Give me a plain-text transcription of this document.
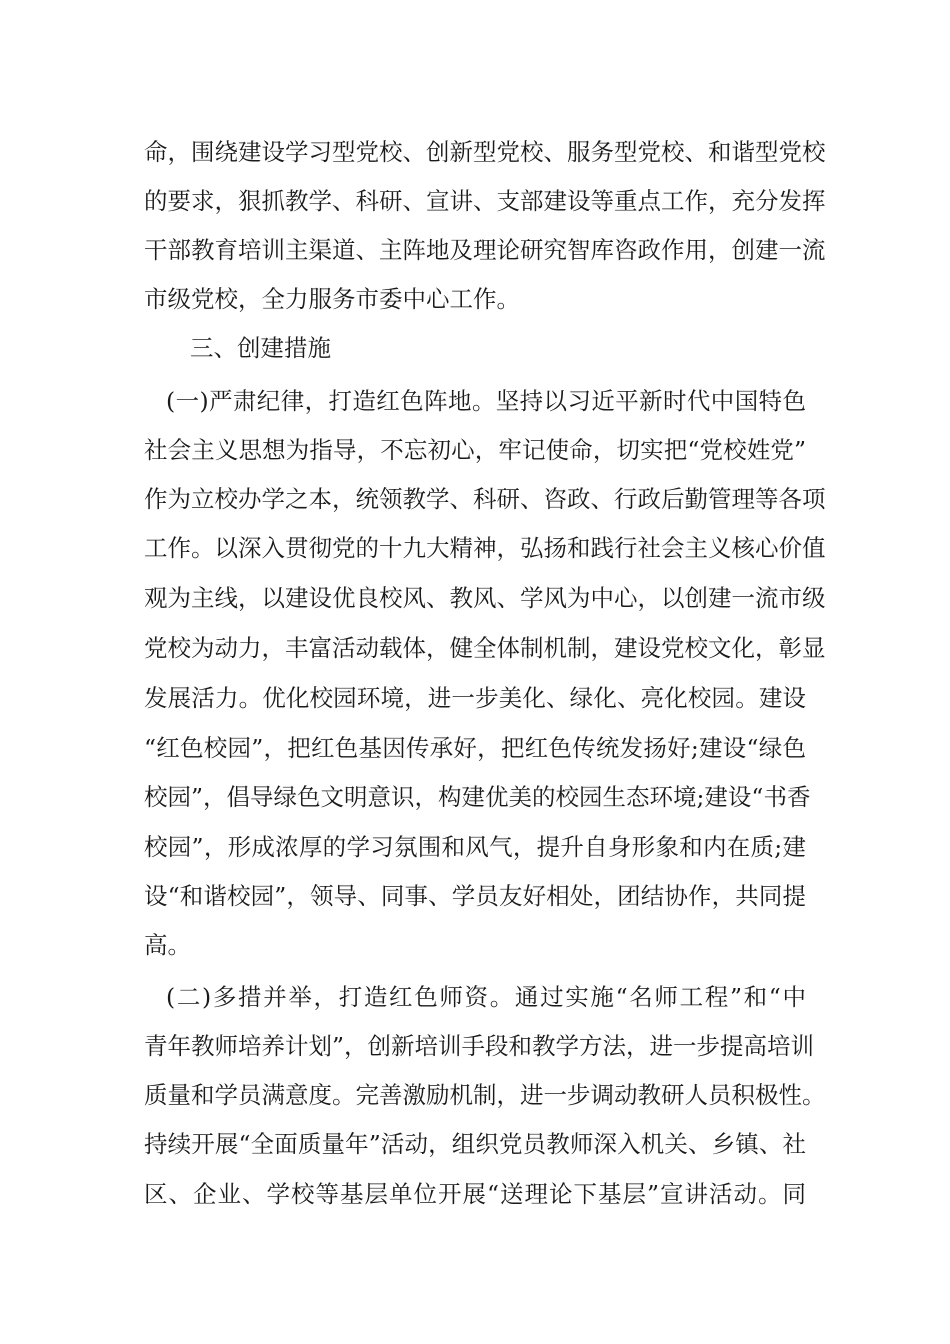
命，围绕建设学习型党校、创新型党校、服务型党校、和谐型党校
的要求，狠抓教学、科研、宣讲、支部建设等重点工作，充分发挥
干部教育培训主渠道、主阵地及理论研究智库咨政作用，创建一流
市级党校，全力服务市委中心工作。
三、创建措施
(一)严肃纪律，打造红色阵地。坚持以习近平新时代中国特色
社会主义思想为指导，不忘初心，牢记使命，切实把“党校姓党”
作为立校办学之本，统领教学、科研、咨政、行政后勤管理等各项
工作。以深入贯彻党的十九大精神，弘扬和践行社会主义核心价值
观为主线，以建设优良校风、教风、学风为中心，以创建一流市级
党校为动力，丰富活动载体，健全体制机制，建设党校文化，彰显
发展活力。优化校园环境，进一步美化、绿化、亮化校园。建设
“红色校园”，把红色基因传承好，把红色传统发扬好;建设“绿色
校园”，倡导绿色文明意识，构建优美的校园生态环境;建设“书香
校园”，形成浓厚的学习氛围和风气，提升自身形象和内在质;建
设“和谐校园”，领导、同事、学员友好相处，团结协作，共同提
高。
(二)多措并举，打造红色师资。通过实施“名师工程”和“中
青年教师培养计划”，创新培训手段和教学方法，进一步提高培训
质量和学员满意度。完善激励机制，进一步调动教研人员积极性。
持续开展“全面质量年”活动，组织党员教师深入机关、乡镇、社
区、企业、学校等基层单位开展“送理论下基层”宣讲活动。同
